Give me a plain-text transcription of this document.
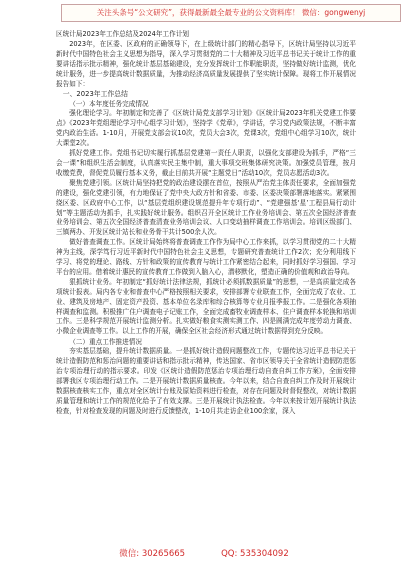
关注头条号“公文研究”，获得最新最全最专业的公文资料库！ 微信：gongwenyj

区统计局2023年工作总结及2024年工作计划

2023年，在区委、区政府的正确领导下，在上级统计部门的精心指导下，区统计局坚持以习近平新时代中国特色社会主义思想为指导，深入学习贯彻党的二十大精神及习近平总书记关于统计工作的重要讲话指示批示精神，强化统计基层基础建设，充分发挥统计工作职能职责，坚持做好统计监测，优化统计服务，进一步提高统计数据质量，为推动经济高质量发展提供了坚实统计保障。现将工作开展情况报告如下：

一、2023年工作总结
（一）本年度任务完成情况

强化理论学习。年初制定和完善了《区统计局党支部学习计划》《区统计局2023年机关党建工作要点》《2023年党组理论学习中心组学习计划》，坚持学《党章》，学讲话，学习党内政策法规，不断丰富党内政治生活。1-10月，开展党支部会议10次，党员大会3次，党课3次，党组中心组学习10次，统计大课堂2次。

抓好党建工作。党组书记切实履行抓基层党建第一责任人职责，以强化支部建设为抓手，严格“三会一课”和组织生活会制度，认真落实民主集中制，重大事项交班集体研究决策。加强党员管理，按月收缴党费，督促党员履行基本义务，截止目前共开展“主题党日”活动10次，党员志愿活动3次。

聚焦党建引领。区统计局坚持把党的政治建设摆在首位，按照从严治党主体责任要求，全面加强党的建设，强化党建引领，有力地保证了党中央大政方针和省委、市委、区委决策部署落地落实。紧紧围绕区委、区政府中心工作，以“基层党组织建设规范提升年专项行动”、“党建强基‘星’工程县局行动计划”等主题活动为抓手，扎实践好统计服务。组织召开全区统计工作业务培训会、第五次全国经济普查业务培训会、第五次全国经济普查清查业务培训会议、人口变动抽样调查工作培训会。培训区级部门、三镇两办、开发区统计站长和业务骨干共计500余人次。

做好普查调查工作。区统计局始终将普查调查工作作为局中心工作来抓，以学习贯彻党的二十大精神为主线，深学笃行习近平新时代中国特色社会主义思想，专题研究普查统计工作2次；充分利用线下学习、将党的理论、路线、方针和政策的宣传教育与统计工作紧密结合起来，同时抓好学习强国、学习平台的应用。借着统计惠民的宣传教育工作做到入脑入心，潜移默化，塑造正确的价值观和政治导向。

狠抓统计业务。年初制定“抓好统计法律法规，抓统计必须抓数据质量”的思想，一是高质量完成各项统计报表。局内各专业和普查中心严格按照相关要求，安排部署专业联查工作，全面完成了农业、工业、建筑及房地产、固定资产投资、基本单位名录库和综合核算等专业月报季报工作。二是强化各项抽样调查和监测。积极推广住户调查电子记账工作，全面完成畜牧业调查样本、住户调查样本轮换和培训工作。三是科学规范开展统计监测分析。扎实做好粮食实测实测工作、四是圆满完成年度劳动力调查、小微企业调查等工作。以上工作的开展，确保全区社会经济形式通过统计数据得到充分反映。

（二）重点工作推进情况

夯实基层基础，提升统计数据质量。一是抓好统计造假问题整改工作，专题传达习近平总书记关于统计造假防范和惩治问题的重要讲话和指示批示精神，传达国家、省市区领导关于全省统计造假防范惩治专项治理行动的指示要求。印发《区统计造假防范惩治专项治理行动自查自纠工作方案》，全面安排部署我区专项治理行动工作。二是开展统计数据质量核查。今年以来，结合自查自纠工作及时开展统计数据核查核实工作，重点对全区统计台账及原始资料进行检查，对存在问题及时督促整改，对统计数据质量管理和统计工作的规范化给予了有效支撑。三是开展统计执法检查。今年以来按计划开展统计执法检查，针对检查发现的问题及时进行反馈整改，1-10月共走访企业100余家，深入

微信: 30265665	QQ: 535304092
